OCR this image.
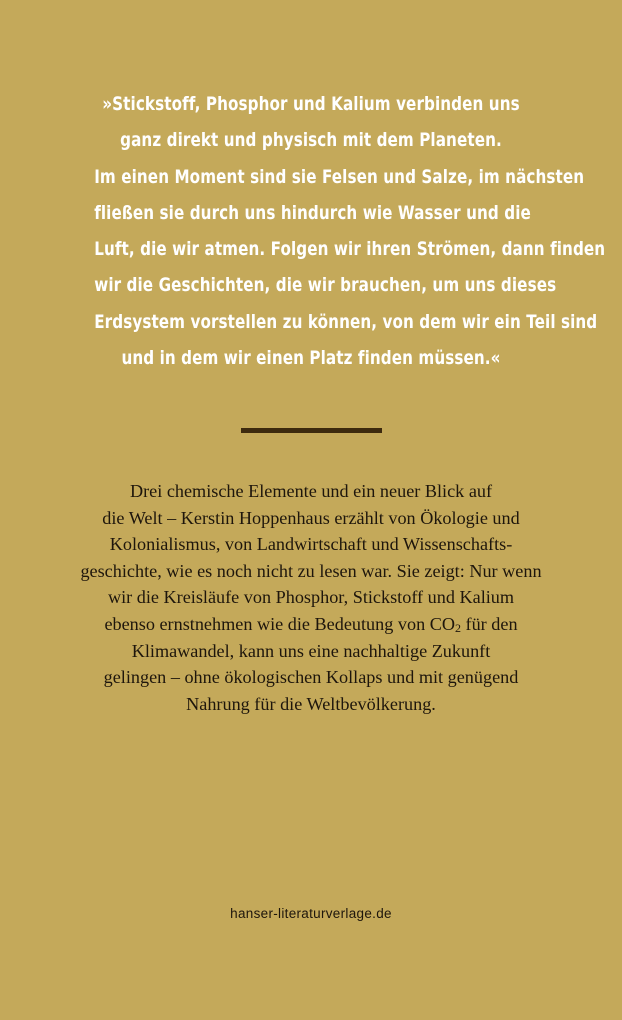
»Stickstoff, Phosphor und Kalium verbinden uns
ganz direkt und physisch mit dem Planeten.
Im einen Moment sind sie Felsen und Salze, im nächsten
fließen sie durch uns hindurch wie Wasser und die
Luft, die wir atmen. Folgen wir ihren Strömen, dann finden
wir die Geschichten, die wir brauchen, um uns dieses
Erdsystem vorstellen zu können, von dem wir ein Teil sind
und in dem wir einen Platz finden müssen.«
Drei chemische Elemente und ein neuer Blick auf
die Welt – Kerstin Hoppenhaus erzählt von Ökologie und
Kolonialismus, von Landwirtschaft und Wissenschafts-
geschichte, wie es noch nicht zu lesen war. Sie zeigt: Nur wenn
wir die Kreisläufe von Phosphor, Stickstoff und Kalium
ebenso ernstnehmen wie die Bedeutung von $CO_2$ für den
Klimawandel, kann uns eine nachhaltige Zukunft
gelingen – ohne ökologischen Kollaps und mit genügend
Nahrung für die Weltbevölkerung.
hanser-literaturverlage.de
